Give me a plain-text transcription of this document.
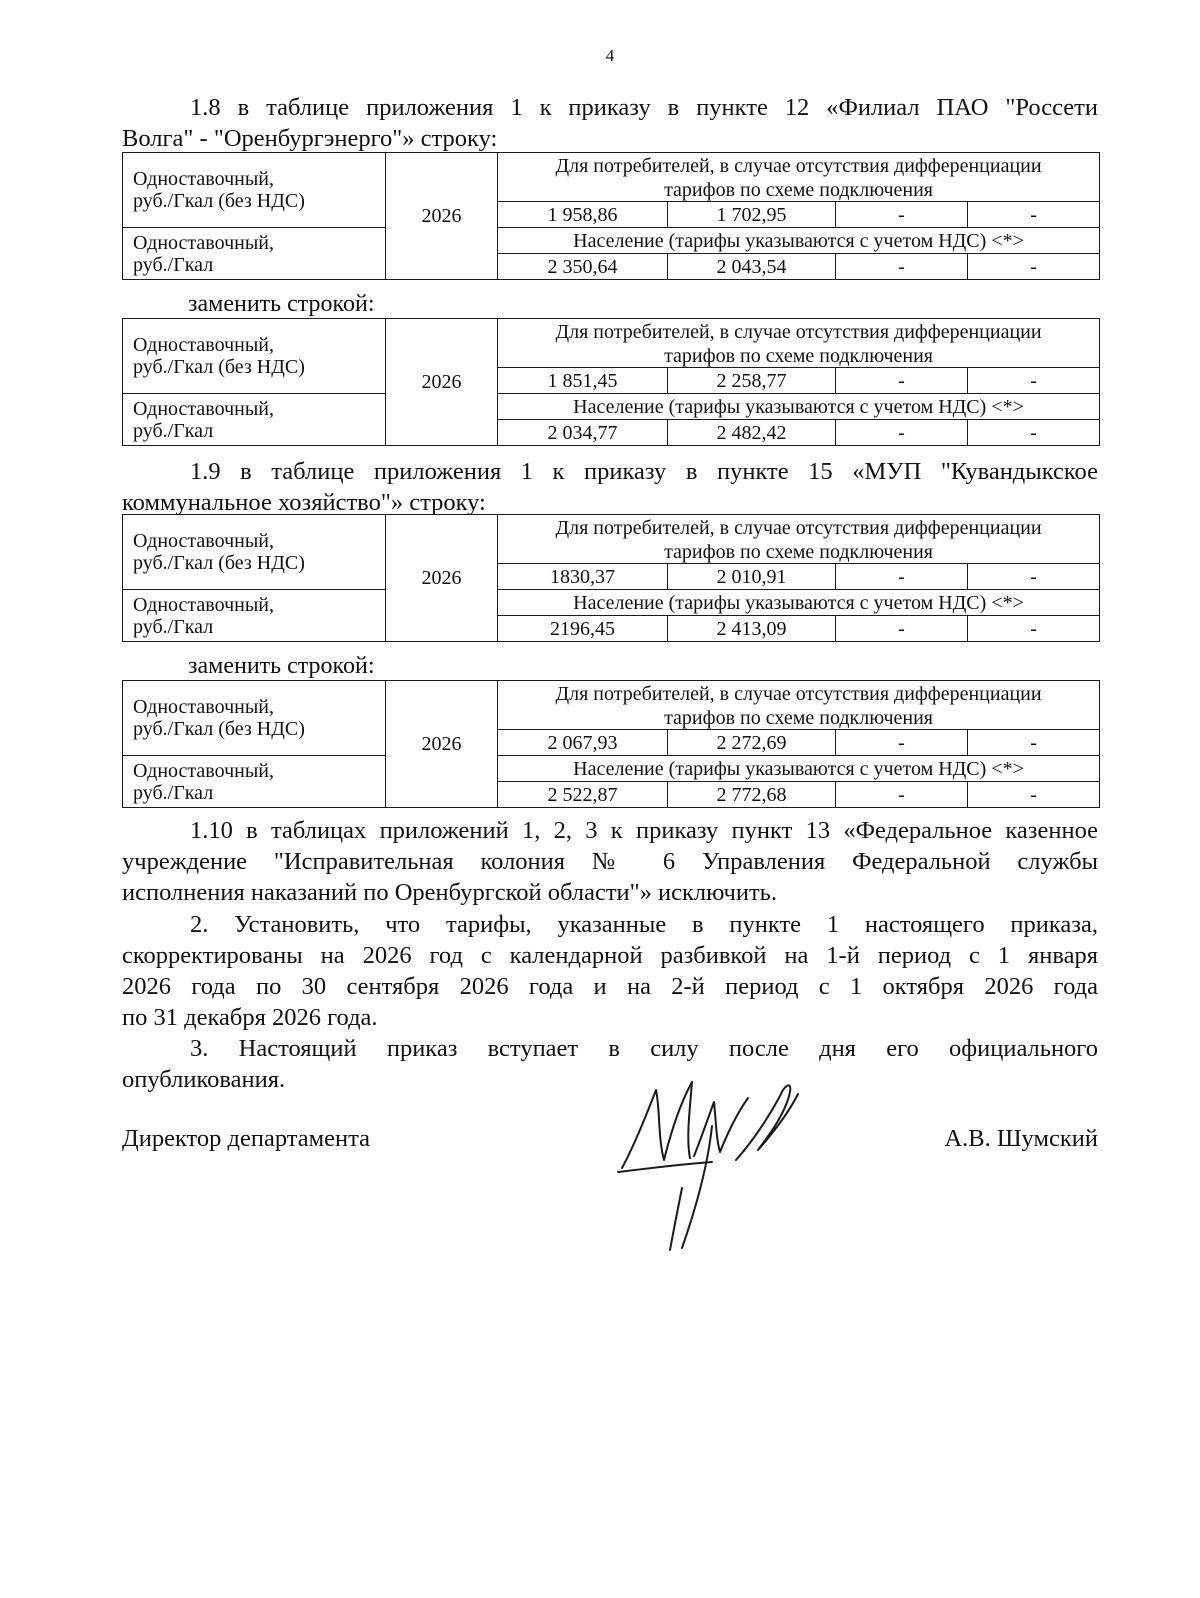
4
1.8 в таблице приложения 1 к приказу в пункте 12 «Филиал ПАО "Россети
Волга" - "Оренбургэнерго"» строку:
Одноставочный,
руб./Гкал (без НДС)	2026	Для потребителей, в случае отсутствия дифференциации			
		тарифов по схеме подключения			
		1 958,86	1 702,95	-	-

Одноставочный,
руб./Гкал		Население (тарифы указываются с учетом НДС) <*>			
		2 350,64	2 043,54	-	-
заменить строкой:
Одноставочный,
руб./Гкал (без НДС)	2026	Для потребителей, в случае отсутствия дифференциации			
		тарифов по схеме подключения			
		1 851,45	2 258,77	-	-

Одноставочный,
руб./Гкал		Население (тарифы указываются с учетом НДС) <*>			
		2 034,77	2 482,42	-	-
1.9 в таблице приложения 1 к приказу в пункте 15 «МУП "Кувандыкское
коммунальное хозяйство"» строку:
Одноставочный,
руб./Гкал (без НДС)	2026	Для потребителей, в случае отсутствия дифференциации			
		тарифов по схеме подключения			
		1830,37	2 010,91	-	-

Одноставочный,
руб./Гкал		Население (тарифы указываются с учетом НДС) <*>			
		2196,45	2 413,09	-	-
заменить строкой:
Одноставочный,
руб./Гкал (без НДС)	2026	Для потребителей, в случае отсутствия дифференциации			
		тарифов по схеме подключения			
		2 067,93	2 272,69	-	-

Одноставочный,
руб./Гкал		Население (тарифы указываются с учетом НДС) <*>			
		2 522,87	2 772,68	-	-
1.10 в таблицах приложений 1, 2, 3 к приказу пункт 13 «Федеральное казенное
учреждение "Исправительная колония № 6 Управления Федеральной службы
исполнения наказаний по Оренбургской области"» исключить.
2. Установить, что тарифы, указанные в пункте 1 настоящего приказа,
скорректированы на 2026 год с календарной разбивкой на 1-й период с 1 января
2026 года по 30 сентября 2026 года и на 2-й период с 1 октября 2026 года
по 31 декабря 2026 года.
3. Настоящий приказ вступает в силу после дня его официального
опубликования.
Директор департамента	А.В. Шумский
